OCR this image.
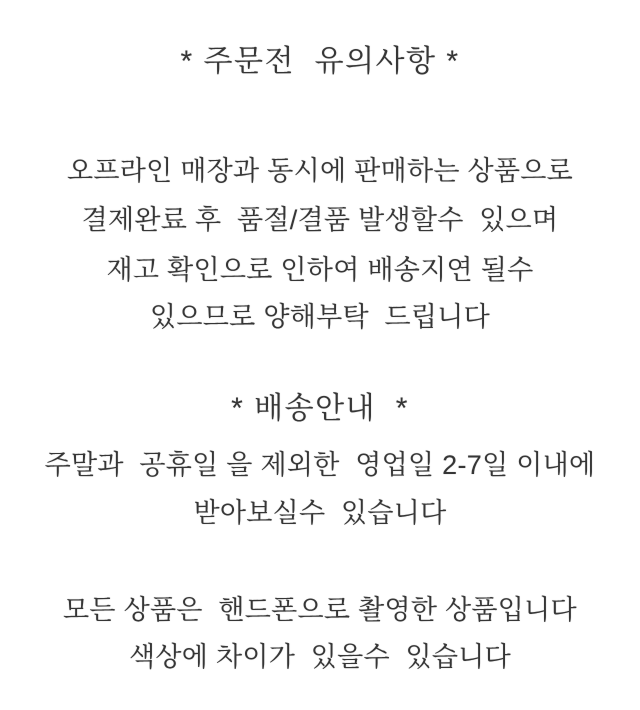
* 주문전  유의사항 *
오프라인 매장과 동시에 판매하는 상품으로
결제완료 후  품절/결품 발생할수  있으며
재고 확인으로 인하여 배송지연 될수
있으므로 양해부탁  드립니다
* 배송안내  *
주말과  공휴일 을 제외한  영업일 2-7일 이내에
받아보실수  있습니다
모든 상품은  핸드폰으로 촬영한 상품입니다
색상에 차이가  있을수  있습니다
